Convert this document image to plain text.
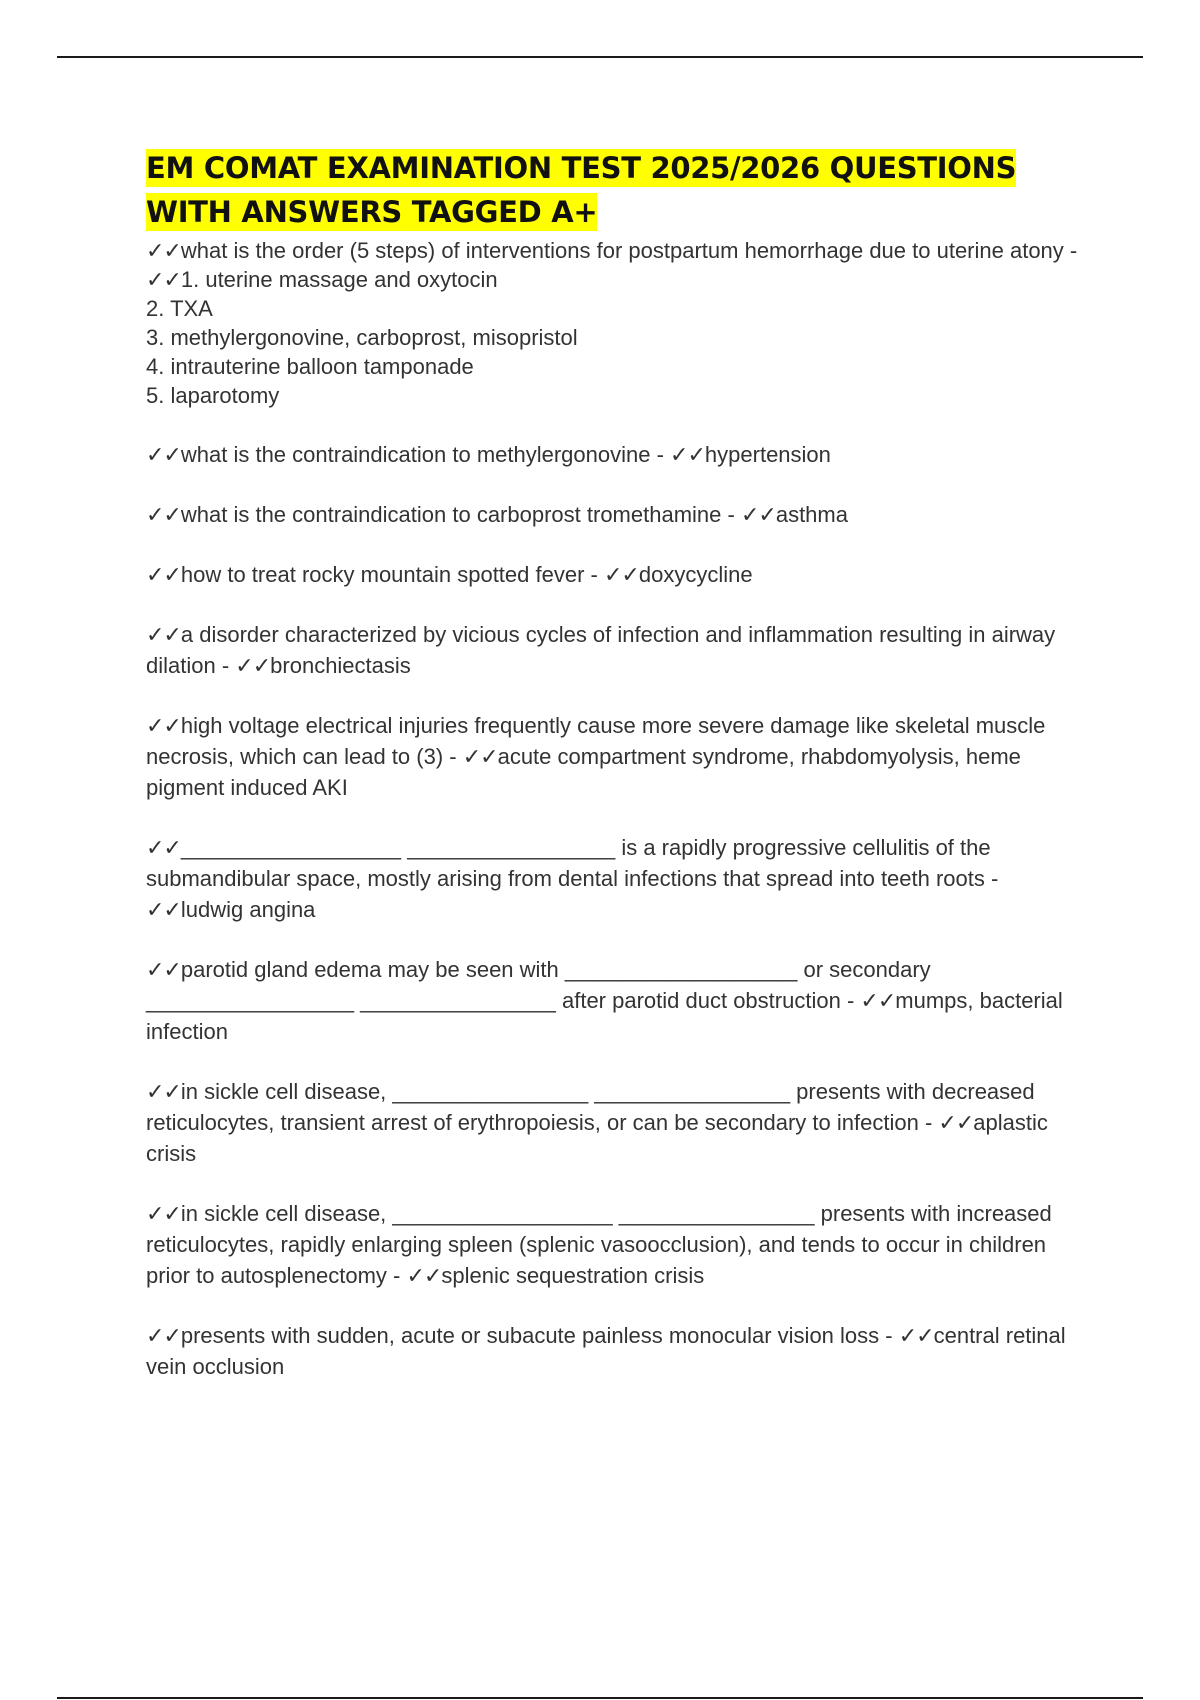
EM COMAT EXAMINATION TEST 2025/2026 QUESTIONS WITH ANSWERS TAGGED A+

✓✓what is the order (5 steps) of interventions for postpartum hemorrhage due to uterine atony - ✓✓1. uterine massage and oxytocin
2. TXA
3. methylergonovine, carboprost, misopristol
4. intrauterine balloon tamponade
5. laparotomy

✓✓what is the contraindication to methylergonovine - ✓✓hypertension

✓✓what is the contraindication to carboprost tromethamine - ✓✓asthma

✓✓how to treat rocky mountain spotted fever - ✓✓doxycycline

✓✓a disorder characterized by vicious cycles of infection and inflammation resulting in airway dilation - ✓✓bronchiectasis

✓✓high voltage electrical injuries frequently cause more severe damage like skeletal muscle necrosis, which can lead to (3) - ✓✓acute compartment syndrome, rhabdomyolysis, heme pigment induced AKI

✓✓__________________ _________________ is a rapidly progressive cellulitis of the submandibular space, mostly arising from dental infections that spread into teeth roots - ✓✓ludwig angina

✓✓parotid gland edema may be seen with ___________________ or secondary _________________ ________________ after parotid duct obstruction - ✓✓mumps, bacterial infection

✓✓in sickle cell disease, ________________ ________________ presents with decreased reticulocytes, transient arrest of erythropoiesis, or can be secondary to infection - ✓✓aplastic crisis

✓✓in sickle cell disease, __________________ ________________ presents with increased reticulocytes, rapidly enlarging spleen (splenic vasoocclusion), and tends to occur in children prior to autosplenectomy - ✓✓splenic sequestration crisis

✓✓presents with sudden, acute or subacute painless monocular vision loss - ✓✓central retinal vein occlusion
